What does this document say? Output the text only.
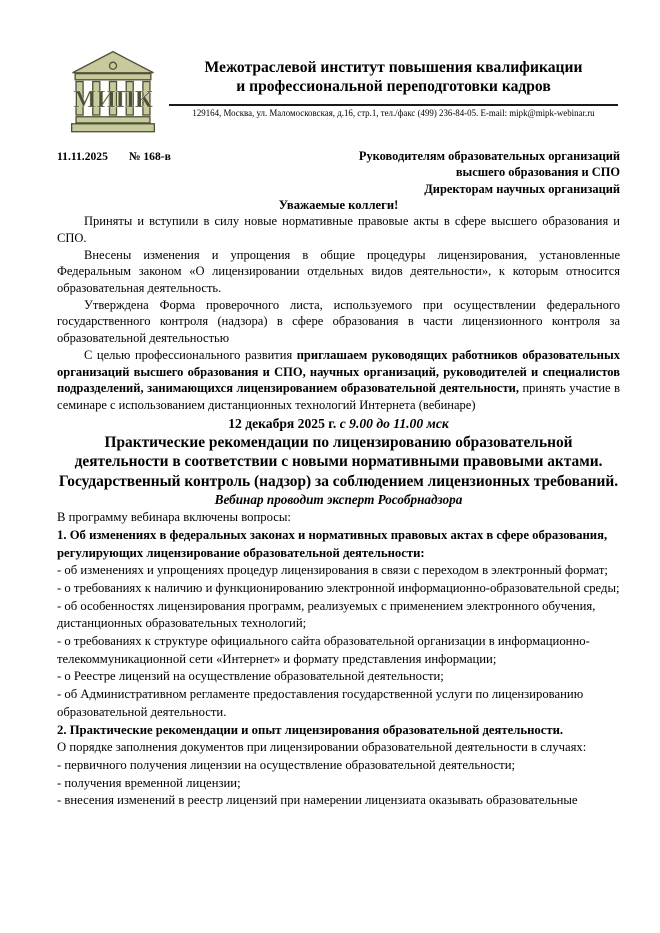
МИПК
Межотраслевой институт повышения квалификации
и профессиональной переподготовки кадров
129164, Москва, ул. Маломосковская, д.16, стр.1, тел./факс (499) 236-84-05. E-mail: mipk@mipk-webinar.ru
11.11.2025 № 168-в	Руководителям образовательных организаций
высшего образования и СПО
Директорам научных организаций
Уважаемые коллеги!

Приняты и вступили в силу новые нормативные правовые акты в сфере высшего образования и СПО.

Внесены изменения и упрощения в общие процедуры лицензирования, установленные Федеральным законом «О лицензировании отдельных видов деятельности», к которым относится образовательная деятельность.

Утверждена Форма проверочного листа, используемого при осуществлении федерального государственного контроля (надзора) в сфере образования в части лицензионного контроля за образовательной деятельностью

С целью профессионального развития приглашаем руководящих работников образовательных организаций высшего образования и СПО, научных организаций, руководителей и специалистов подразделений, занимающихся лицензированием образовательной деятельности, принять участие в семинаре с использованием дистанционных технологий Интернета (вебинаре)

12 декабря 2025 г. с 9.00 до 11.00 мск
Практические рекомендации по лицензированию образовательной деятельности в соответствии с новыми нормативными правовыми актами.
Государственный контроль (надзор) за соблюдением лицензионных требований.
Вебинар проводит эксперт Рособрнадзора

В программу вебинара включены вопросы:

1. Об изменениях в федеральных законах и нормативных правовых актах в сфере образования, регулирующих лицензирование образовательной деятельности:

- об изменениях и упрощениях процедур лицензирования в связи с переходом в электронный формат;

- о требованиях к наличию и функционированию электронной информационно-образовательной среды;

- об особенностях лицензирования программ, реализуемых с применением электронного обучения, дистанционных образовательных технологий;

- о требованиях к структуре официального сайта образовательной организации в информационно-телекоммуникационной сети «Интернет» и формату представления информации;

- о Реестре лицензий на осуществление образовательной деятельности;

- об Административном регламенте предоставления государственной услуги по лицензированию образовательной деятельности.

2. Практические рекомендации и опыт лицензирования образовательной деятельности.

О порядке заполнения документов при лицензировании образовательной деятельности в случаях:

- первичного получения лицензии на осуществление образовательной деятельности;

- получения временной лицензии;

- внесения изменений в реестр лицензий при намерении лицензиата оказывать образовательные
